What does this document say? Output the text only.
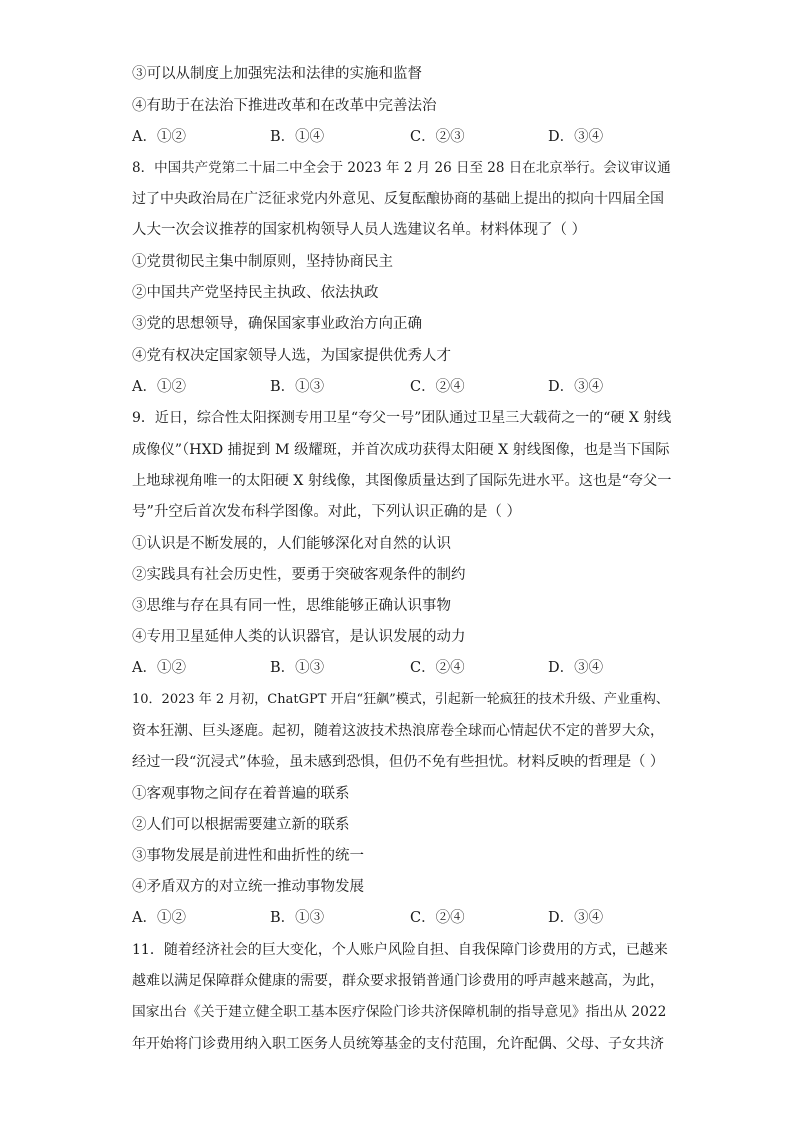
③可以从制度上加强宪法和法律的实施和监督
④有助于在法治下推进改革和在改革中完善法治
A．①②	B．①④	C．②③	D．③④
8．中国共产党第二十届二中全会于 2023 年 2 月 26 日至 28 日在北京举行。会议审议通
过了中央政治局在广泛征求党内外意见、反复酝酿协商的基础上提出的拟向十四届全国
人大一次会议推荐的国家机构领导人员人选建议名单。材料体现了（ ）
①党贯彻民主集中制原则，坚持协商民主
②中国共产党坚持民主执政、依法执政
③党的思想领导，确保国家事业政治方向正确
④党有权决定国家领导人选，为国家提供优秀人才
A．①②	B．①③	C．②④	D．③④
9．近日，综合性太阳探测专用卫星“夸父一号”团队通过卫星三大载荷之一的“硬 X 射线
成像仪”（HXD 捕捉到 M 级耀斑，并首次成功获得太阳硬 X 射线图像，也是当下国际
上地球视角唯一的太阳硬 X 射线像，其图像质量达到了国际先进水平。这也是“夸父一
号”升空后首次发布科学图像。对此，下列认识正确的是（ ）
①认识是不断发展的，人们能够深化对自然的认识
②实践具有社会历史性，要勇于突破客观条件的制约
③思维与存在具有同一性，思维能够正确认识事物
④专用卫星延伸人类的认识器官，是认识发展的动力
A．①②	B．①③	C．②④	D．③④
10．2023 年 2 月初，ChatGPT 开启“狂飙”模式，引起新一轮疯狂的技术升级、产业重构、
资本狂潮、巨头逐鹿。起初，随着这波技术热浪席卷全球而心情起伏不定的普罗大众，
经过一段“沉浸式”体验，虽未感到恐惧，但仍不免有些担忧。材料反映的哲理是（ ）
①客观事物之间存在着普遍的联系
②人们可以根据需要建立新的联系
③事物发展是前进性和曲折性的统一
④矛盾双方的对立统一推动事物发展
A．①②	B．①③	C．②④	D．③④
11．随着经济社会的巨大变化，个人账户风险自担、自我保障门诊费用的方式，已越来
越难以满足保障群众健康的需要，群众要求报销普通门诊费用的呼声越来越高，为此，
国家出台《关于建立健全职工基本医疗保险门诊共济保障机制的指导意见》指出从 2022
年开始将门诊费用纳入职工医务人员统筹基金的支付范围，允许配偶、父母、子女共济
